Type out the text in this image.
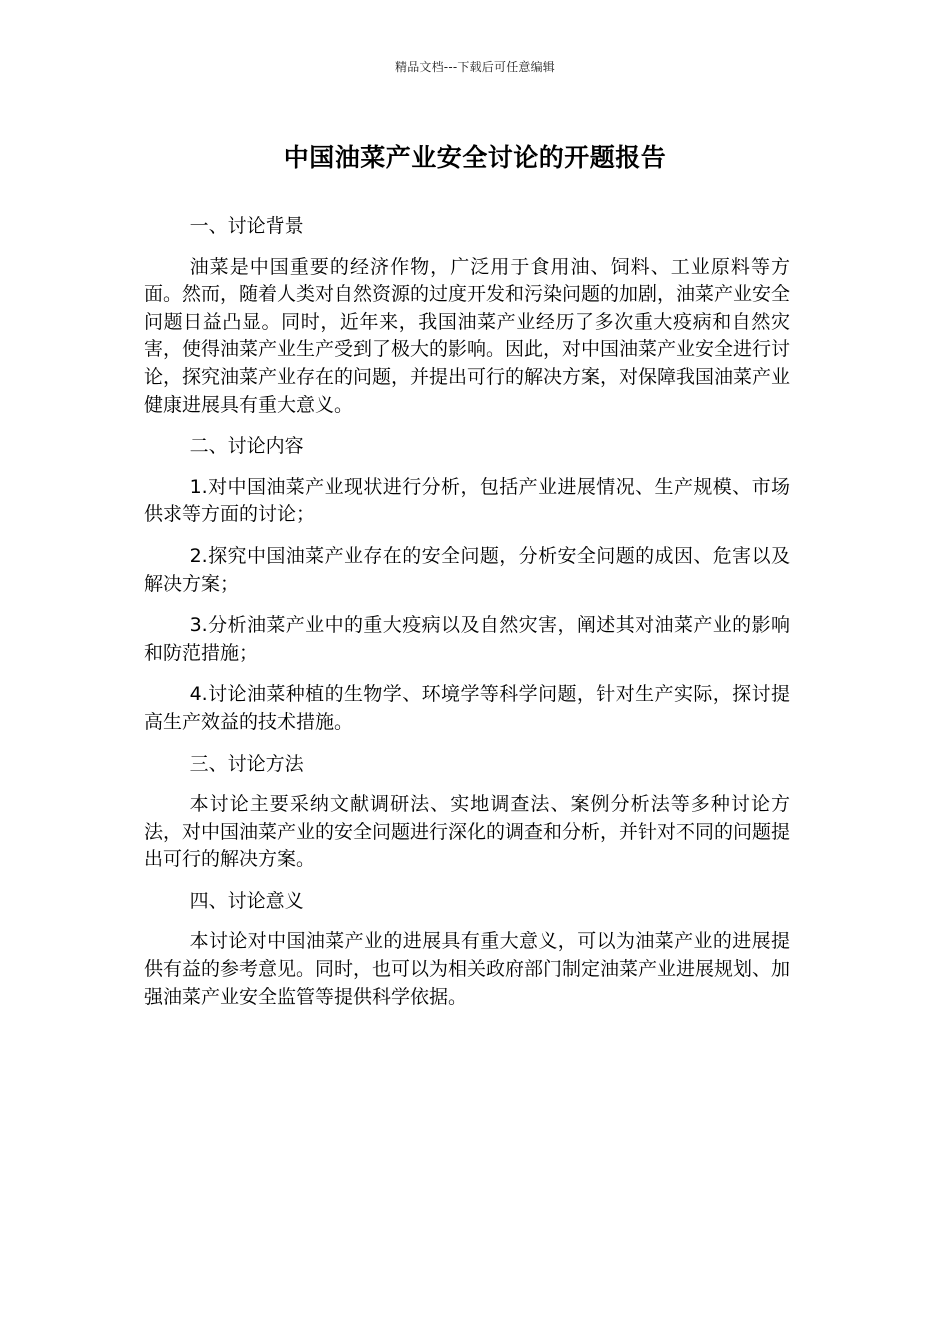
精品文档---下载后可任意编辑
中国油菜产业安全讨论的开题报告

一、讨论背景

油菜是中国重要的经济作物，广泛用于食用油、饲料、工业原料等方面。然而，随着人类对自然资源的过度开发和污染问题的加剧，油菜产业安全问题日益凸显。同时，近年来，我国油菜产业经历了多次重大疫病和自然灾害，使得油菜产业生产受到了极大的影响。因此，对中国油菜产业安全进行讨论，探究油菜产业存在的问题，并提出可行的解决方案，对保障我国油菜产业健康进展具有重大意义。

二、讨论内容

1.对中国油菜产业现状进行分析，包括产业进展情况、生产规模、市场供求等方面的讨论；

2.探究中国油菜产业存在的安全问题，分析安全问题的成因、危害以及解决方案；

3.分析油菜产业中的重大疫病以及自然灾害，阐述其对油菜产业的影响和防范措施；

4.讨论油菜种植的生物学、环境学等科学问题，针对生产实际，探讨提高生产效益的技术措施。

三、讨论方法

本讨论主要采纳文献调研法、实地调查法、案例分析法等多种讨论方法，对中国油菜产业的安全问题进行深化的调查和分析，并针对不同的问题提出可行的解决方案。

四、讨论意义

本讨论对中国油菜产业的进展具有重大意义，可以为油菜产业的进展提供有益的参考意见。同时，也可以为相关政府部门制定油菜产业进展规划、加强油菜产业安全监管等提供科学依据。
